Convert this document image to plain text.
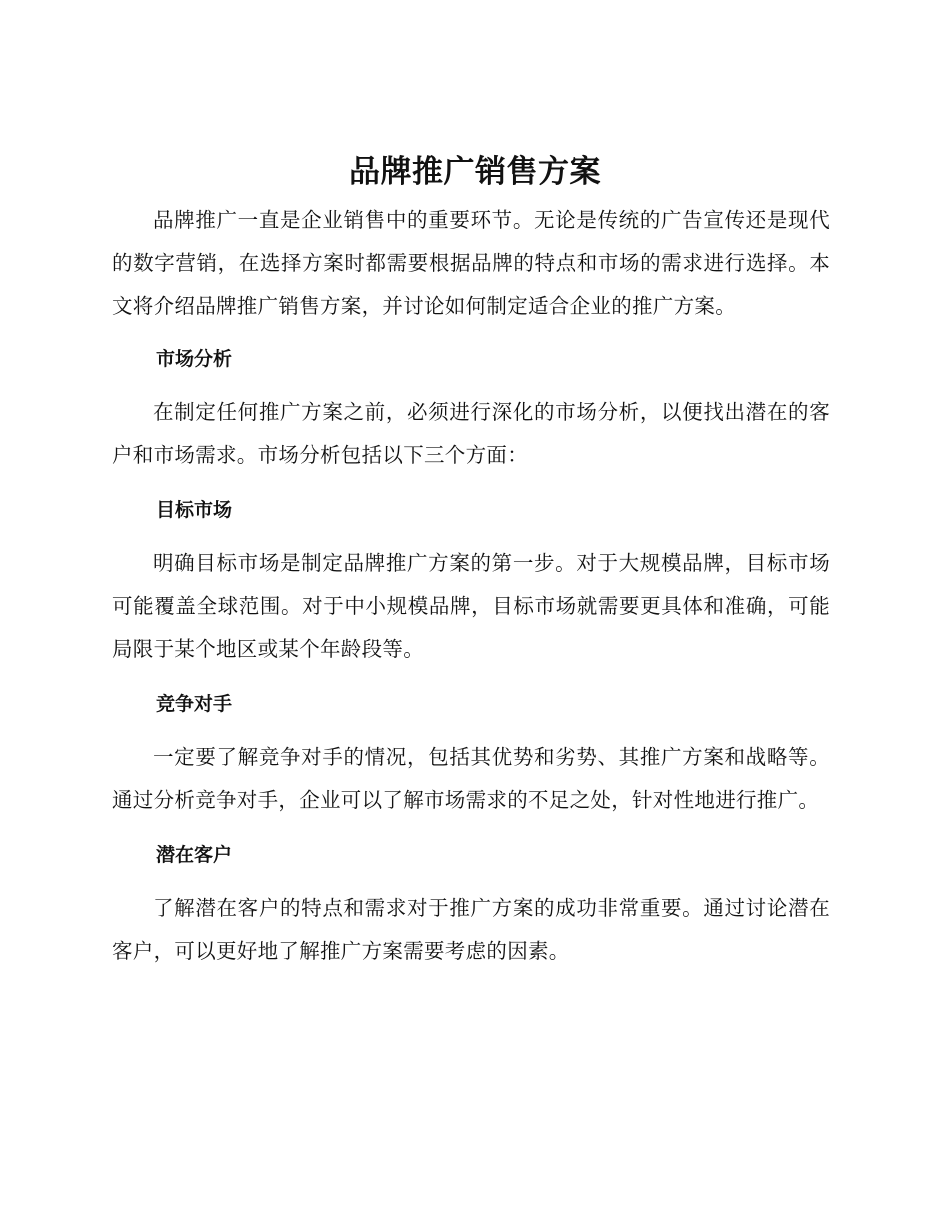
品牌推广销售方案

品牌推广一直是企业销售中的重要环节。无论是传统的广告宣传还是现代的数字营销，在选择方案时都需要根据品牌的特点和市场的需求进行选择。本文将介绍品牌推广销售方案，并讨论如何制定适合企业的推广方案。

市场分析

在制定任何推广方案之前，必须进行深化的市场分析，以便找出潜在的客户和市场需求。市场分析包括以下三个方面：

目标市场

明确目标市场是制定品牌推广方案的第一步。对于大规模品牌，目标市场可能覆盖全球范围。对于中小规模品牌，目标市场就需要更具体和准确，可能局限于某个地区或某个年龄段等。

竞争对手

一定要了解竞争对手的情况，包括其优势和劣势、其推广方案和战略等。通过分析竞争对手，企业可以了解市场需求的不足之处，针对性地进行推广。

潜在客户

了解潜在客户的特点和需求对于推广方案的成功非常重要。通过讨论潜在客户，可以更好地了解推广方案需要考虑的因素。
